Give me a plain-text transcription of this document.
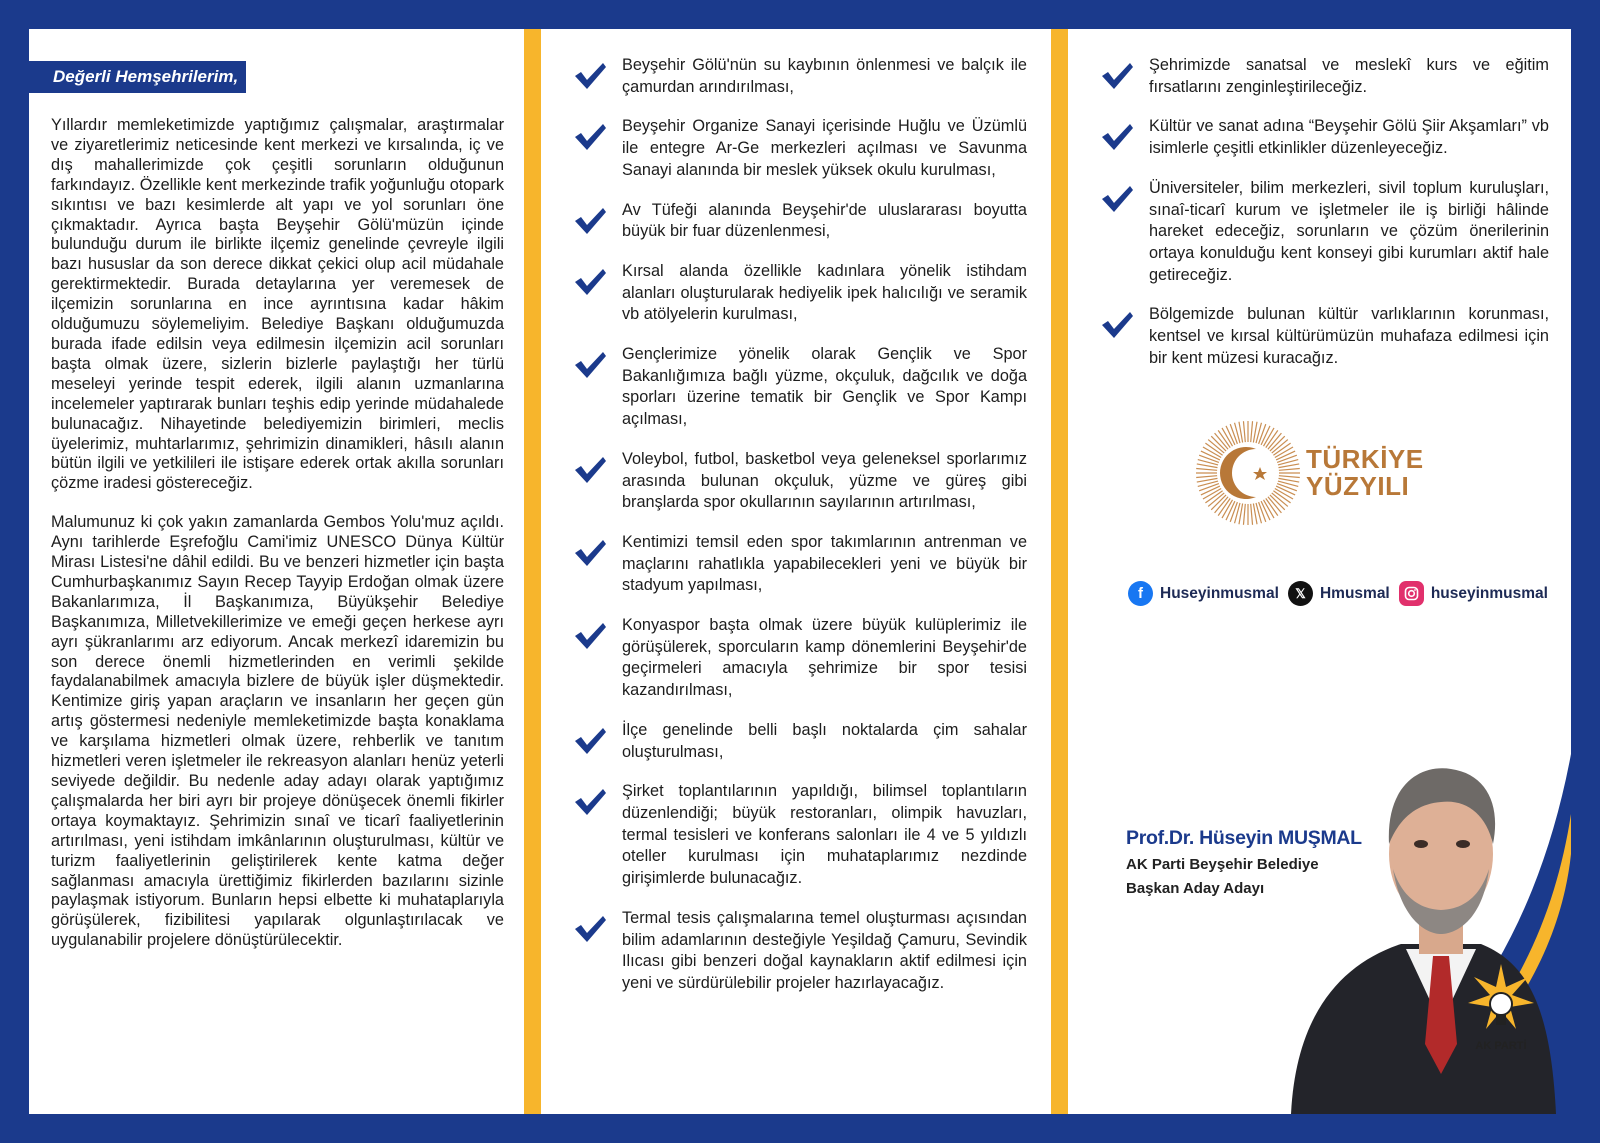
Değerli Hemşehrilerim,

Yıllardır memleketimizde yaptığımız çalışmalar, araştırmalar ve ziyaretlerimiz neticesinde kent merkezi ve kırsalında, iç ve dış mahallerimizde çok çeşitli sorunların olduğunun farkındayız. Özellikle kent merkezinde trafik yoğunluğu otopark sıkıntısı ve bazı kesimlerde alt yapı ve yol sorunları öne çıkmaktadır. Ayrıca başta Beyşehir Gölü'müzün içinde bulunduğu durum ile birlikte ilçemiz genelinde çevreyle ilgili bazı hususlar da son derece dikkat çekici olup acil müdahale gerektirmektedir. Burada detaylarına yer veremesek de ilçemizin sorunlarına en ince ayrıntısına kadar hâkim olduğumuzu söylemeliyim. Belediye Başkanı olduğumuzda burada ifade edilsin veya edilmesin ilçemizin acil sorunları başta olmak üzere, sizlerin bizlerle paylaştığı her türlü meseleyi yerinde tespit ederek, ilgili alanın uzmanlarına incelemeler yaptırarak bunları teşhis edip yerinde müdahalede bulunacağız. Nihayetinde belediyemizin birimleri, meclis üyelerimiz, muhtarlarımız, şehrimizin dinamikleri, hâsılı alanın bütün ilgili ve yetkilileri ile istişare ederek ortak akılla sorunları çözme iradesi göstereceğiz.

Malumunuz ki çok yakın zamanlarda Gembos Yolu'muz açıldı. Aynı tarihlerde Eşrefoğlu Cami'imiz UNESCO Dünya Kültür Mirası Listesi'ne dâhil edildi. Bu ve benzeri hizmetler için başta Cumhurbaşkanımız Sayın Recep Tayyip Erdoğan olmak üzere Bakanlarımıza, İl Başkanımıza, Büyükşehir Belediye Başkanımıza, Milletvekillerimize ve emeği geçen herkese ayrı ayrı şükranlarımı arz ediyorum. Ancak merkezî idaremizin bu son derece önemli hizmetlerinden en verimli şekilde faydalanabilmek amacıyla bizlere de büyük işler düşmektedir. Kentimize giriş yapan araçların ve insanların her geçen gün artış göstermesi nedeniyle memleketimizde başta konaklama ve karşılama hizmetleri olmak üzere, rehberlik ve tanıtım hizmetleri veren işletmeler ile rekreasyon alanları henüz yeterli seviyede değildir. Bu nedenle aday adayı olarak yaptığımız çalışmalarda her biri ayrı bir projeye dönüşecek önemli fikirler ortaya koymaktayız. Şehrimizin sınaî ve ticarî faaliyetlerinin artırılması, yeni istihdam imkânlarının oluşturulması, kültür ve turizm faaliyetlerinin geliştirilerek kente katma değer sağlanması amacıyla ürettiğimiz fikirlerden bazılarını sizinle paylaşmak istiyorum. Bunların hepsi elbette ki muhataplarıyla görüşülerek, fizibilitesi yapılarak olgunlaştırılacak ve uygulanabilir projelere dönüştürülecektir.

Beyşehir Gölü'nün su kaybının önlenmesi ve balçık ile çamurdan arındırılması,
Beyşehir Organize Sanayi içerisinde Huğlu ve Üzümlü ile entegre Ar-Ge merkezleri açılması ve Savunma Sanayi alanında bir meslek yüksek okulu kurulması,
Av Tüfeği alanında Beyşehir'de uluslararası boyutta büyük bir fuar düzenlenmesi,
Kırsal alanda özellikle kadınlara yönelik istihdam alanları oluşturularak hediyelik ipek halıcılığı ve seramik vb atölyelerin kurulması,
Gençlerimize yönelik olarak Gençlik ve Spor Bakanlığımıza bağlı yüzme, okçuluk, dağcılık ve doğa sporları üzerine tematik bir Gençlik ve Spor Kampı açılması,
Voleybol, futbol, basketbol veya geleneksel sporlarımız arasında bulunan okçuluk, yüzme ve güreş gibi branşlarda spor okullarının sayılarının artırılması,
Kentimizi temsil eden spor takımlarının antrenman ve maçlarını rahatlıkla yapabilecekleri yeni ve büyük bir stadyum yapılması,
Konyaspor başta olmak üzere büyük kulüplerimiz ile görüşülerek, sporcuların kamp dönemlerini Beyşehir'de geçirmeleri amacıyla şehrimize bir spor tesisi kazandırılması,
İlçe genelinde belli başlı noktalarda çim sahalar oluşturulması,
Şirket toplantılarının yapıldığı, bilimsel toplantıların düzenlendiği; büyük restoranları, olimpik havuzları, termal tesisleri ve konferans salonları ile 4 ve 5 yıldızlı oteller kurulması için muhataplarımız nezdinde girişimlerde bulunacağız.
Termal tesis çalışmalarına temel oluşturması açısından bilim adamlarının desteğiyle Yeşildağ Çamuru, Sevindik Ilıcası gibi benzeri doğal kaynakların aktif edilmesi için yeni ve sürdürülebilir projeler hazırlayacağız.
Şehrimizde sanatsal ve meslekî kurs ve eğitim fırsatlarını zenginleştirileceğiz.
Kültür ve sanat adına “Beyşehir Gölü Şiir Akşamları” vb isimlerle çeşitli etkinlikler düzenleyeceğiz.
Üniversiteler, bilim merkezleri, sivil toplum kuruluşları, sınaî-ticarî kurum ve işletmeler ile iş birliği hâlinde hareket edeceğiz, sorunların ve çözüm önerilerinin ortaya konulduğu kent konseyi gibi kurumları aktif hale getireceğiz.
Bölgemizde bulunan kültür varlıklarının korunması, kentsel ve kırsal kültürümüzün muhafaza edilmesi için bir kent müzesi kuracağız.
TÜRKİYE
YÜZYILI
f	Huseyinmusmal	𝕏 Hmusmal	huseyinmusmal
Prof.Dr. Hüseyin MUŞMAL
AK Parti Beyşehir Belediye
Başkan Aday Adayı
AK PARTİ
